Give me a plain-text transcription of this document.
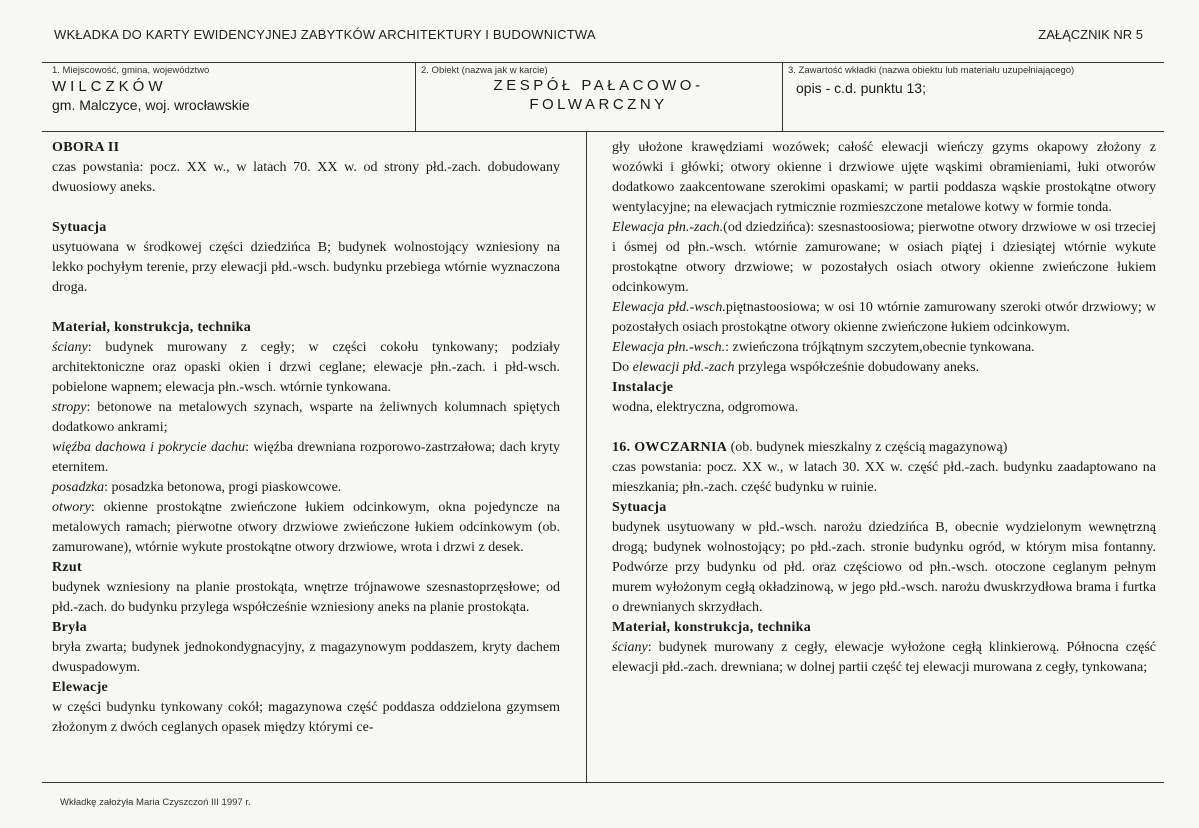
WKŁADKA DO KARTY EWIDENCYJNEJ ZABYTKÓW ARCHITEKTURY I BUDOWNICTWA	ZAŁĄCZNIK NR 5
1. Miejscowość, gmina, województwo
WILCZKÓW
gm. Malczyce, woj. wrocławskie
2. Obiekt (nazwa jak w karcie)
ZESPÓŁ PAŁACOWO-
FOLWARCZNY
3. Zawartość wkładki (nazwa obiektu lub materiału uzupełniającego)
opis - c.d. punktu 13;

OBORA II

czas powstania: pocz. XX w., w latach 70. XX w. od strony płd.-zach. dobudowany dwuosiowy aneks.

Sytuacja

usytuowana w środkowej części dziedzińca B; budynek wolnostojący wzniesiony na lekko pochyłym terenie, przy elewacji płd.-wsch. budynku przebiega wtórnie wyznaczona droga.

Materiał, konstrukcja, technika

ściany: budynek murowany z cegły; w części cokołu tynkowany; podziały architektoniczne oraz opaski okien i drzwi ceglane; elewacje płn.-zach. i płd-wsch. pobielone wapnem; elewacja płn.-wsch. wtórnie tynkowana.

stropy: betonowe na metalowych szynach, wsparte na żeliwnych kolumnach spiętych dodatkowo ankrami;

więźba dachowa i pokrycie dachu: więźba drewniana rozporowo-zastrzałowa; dach kryty eternitem.

posadzka: posadzka betonowa, progi piaskowcowe.

otwory: okienne prostokątne zwieńczone łukiem odcinkowym, okna pojedyncze na metalowych ramach; pierwotne otwory drzwiowe zwieńczone łukiem odcinkowym (ob. zamurowane), wtórnie wykute prostokątne otwory drzwiowe, wrota i drzwi z desek.

Rzut

budynek wzniesiony na planie prostokąta, wnętrze trójnawowe szesnastoprzęsłowe; od płd.-zach. do budynku przylega współcześnie wzniesiony aneks na planie prostokąta.

Bryła

bryła zwarta; budynek jednokondygnacyjny, z magazynowym poddaszem, kryty dachem dwuspadowym.

Elewacje

w części budynku tynkowany cokół; magazynowa część poddasza oddzielona gzymsem złożonym z dwóch ceglanych opasek między którymi ce-

gły ułożone krawędziami wozówek; całość elewacji wieńczy gzyms okapowy złożony z wozówki i główki; otwory okienne i drzwiowe ujęte wąskimi obramieniami, łuki otworów dodatkowo zaakcentowane szerokimi opaskami; w partii poddasza wąskie prostokątne otwory wentylacyjne; na elewacjach rytmicznie rozmieszczone metalowe kotwy w formie tonda.

Elewacja płn.-zach.(od dziedzińca): szesnastoosiowa; pierwotne otwory drzwiowe w osi trzeciej i ósmej od płn.-wsch. wtórnie zamurowane; w osiach piątej i dziesiątej wtórnie wykute prostokątne otwory drzwiowe; w pozostałych osiach otwory okienne zwieńczone łukiem odcinkowym.

Elewacja płd.-wsch.piętnastoosiowa; w osi 10 wtórnie zamurowany szeroki otwór drzwiowy; w pozostałych osiach prostokątne otwory okienne zwieńczone łukiem odcinkowym.

Elewacja płn.-wsch.: zwieńczona trójkątnym szczytem,obecnie tynkowana.

Do elewacji płd.-zach przylega współcześnie dobudowany aneks.

Instalacje

wodna, elektryczna, odgromowa.

16. OWCZARNIA (ob. budynek mieszkalny z częścią magazynową)

czas powstania: pocz. XX w., w latach 30. XX w. część płd.-zach. budynku zaadaptowano na mieszkania; płn.-zach. część budynku w ruinie.

Sytuacja

budynek usytuowany w płd.-wsch. narożu dziedzińca B, obecnie wydzielonym wewnętrzną drogą; budynek wolnostojący; po płd.-zach. stronie budynku ogród, w którym misa fontanny. Podwórze przy budynku od płd. oraz częściowo od płn.-wsch. otoczone ceglanym pełnym murem wyłożonym cegłą okładzinową, w jego płd.-wsch. narożu dwuskrzydłowa brama i furtka o drewnianych skrzydłach.

Materiał, konstrukcja, technika

ściany: budynek murowany z cegły, elewacje wyłożone cegłą klinkierową. Północna część elewacji płd.-zach. drewniana; w dolnej partii część tej elewacji murowana z cegły, tynkowana;

Wkładkę założyła Maria Czyszczoń III 1997 r.
